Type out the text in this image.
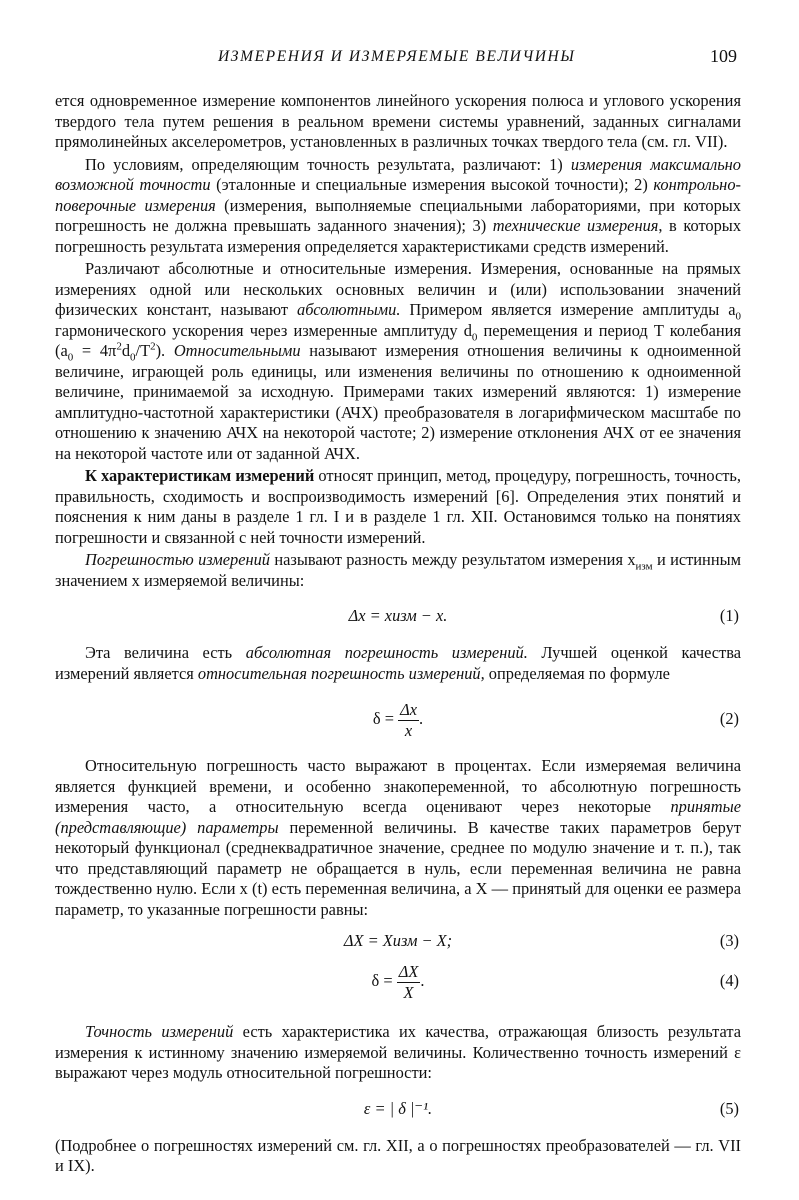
ИЗМЕРЕНИЯ И ИЗМЕРЯЕМЫЕ ВЕЛИЧИНЫ	109

ется одновременное измерение компонентов линейного ускорения полюса и углового ускорения твердого тела путем решения в реальном времени системы уравнений, заданных сигналами прямолинейных акселерометров, установленных в различных точках твердого тела (см. гл. VII).

По условиям, определяющим точность результата, различают: 1) измерения максимально возможной точности (эталонные и специальные измерения высокой точности); 2) контрольно-поверочные измерения (измерения, выполняемые специальными лабораториями, при которых погрешность не должна превышать заданного значения); 3) технические измерения, в которых погрешность результата измерения определяется характеристиками средств измерений.

Различают абсолютные и относительные измерения. Измерения, основанные на прямых измерениях одной или нескольких основных величин и (или) использовании значений физических констант, называют абсолютными. Примером является измерение амплитуды $a_0$ гармонического ускорения через измеренные амплитуду $d_0$ перемещения и период T колебания $(a_0 = 4\pi^2d_0/T^2)$. Относительными называют измерения отношения величины к одноименной величине, играющей роль единицы, или изменения величины по отношению к одноименной величине, принимаемой за исходную. Примерами таких измерений являются: 1) измерение амплитудно-частотной характеристики (АЧХ) преобразователя в логарифмическом масштабе по отношению к значению АЧХ на некоторой частоте; 2) измерение отклонения АЧХ от ее значения на некоторой частоте или от заданной АЧХ.

К характеристикам измерений относят принцип, метод, процедуру, погрешность, точность, правильность, сходимость и воспроизводимость измерений [6]. Определения этих понятий и пояснения к ним даны в разделе 1 гл. I и в разделе 1 гл. XII. Остановимся только на понятиях погрешности и связанной с ней точности измерений.

Погрешностью измерений называют разность между результатом измерения $x_{изм}$ и истинным значением x измеряемой величины:

Δx = xизм − x.	(1)

Эта величина есть абсолютная погрешность измерений. Лучшей оценкой качества измерений является относительная погрешность измерений, определяемая по формуле

$\delta = \frac{\Delta x}{x}$ .	(2)

Относительную погрешность часто выражают в процентах. Если измеряемая величина является функцией времени, и особенно знакопеременной, то абсолютную погрешность измерения часто, а относительную всегда оценивают через некоторые принятые (представляющие) параметры переменной величины. В качестве таких параметров берут некоторый функционал (среднеквадратичное значение, среднее по модулю значение и т. п.), так что представляющий параметр не обращается в нуль, если переменная величина не равна тождественно нулю. Если x (t) есть переменная величина, а X — принятый для оценки ее размера параметр, то указанные погрешности равны:

ΔX = Xизм − X;	(3)
$\delta = \frac{\Delta X}{X}$ .	(4)

Точность измерений есть характеристика их качества, отражающая близость результата измерения к истинному значению измеряемой величины. Количественно точность измерений ε выражают через модуль относительной погрешности:

ε = | δ |⁻¹.	(5)

(Подробнее о погрешностях измерений см. гл. XII, а о погрешностях преобразователей — гл. VII и IX).
